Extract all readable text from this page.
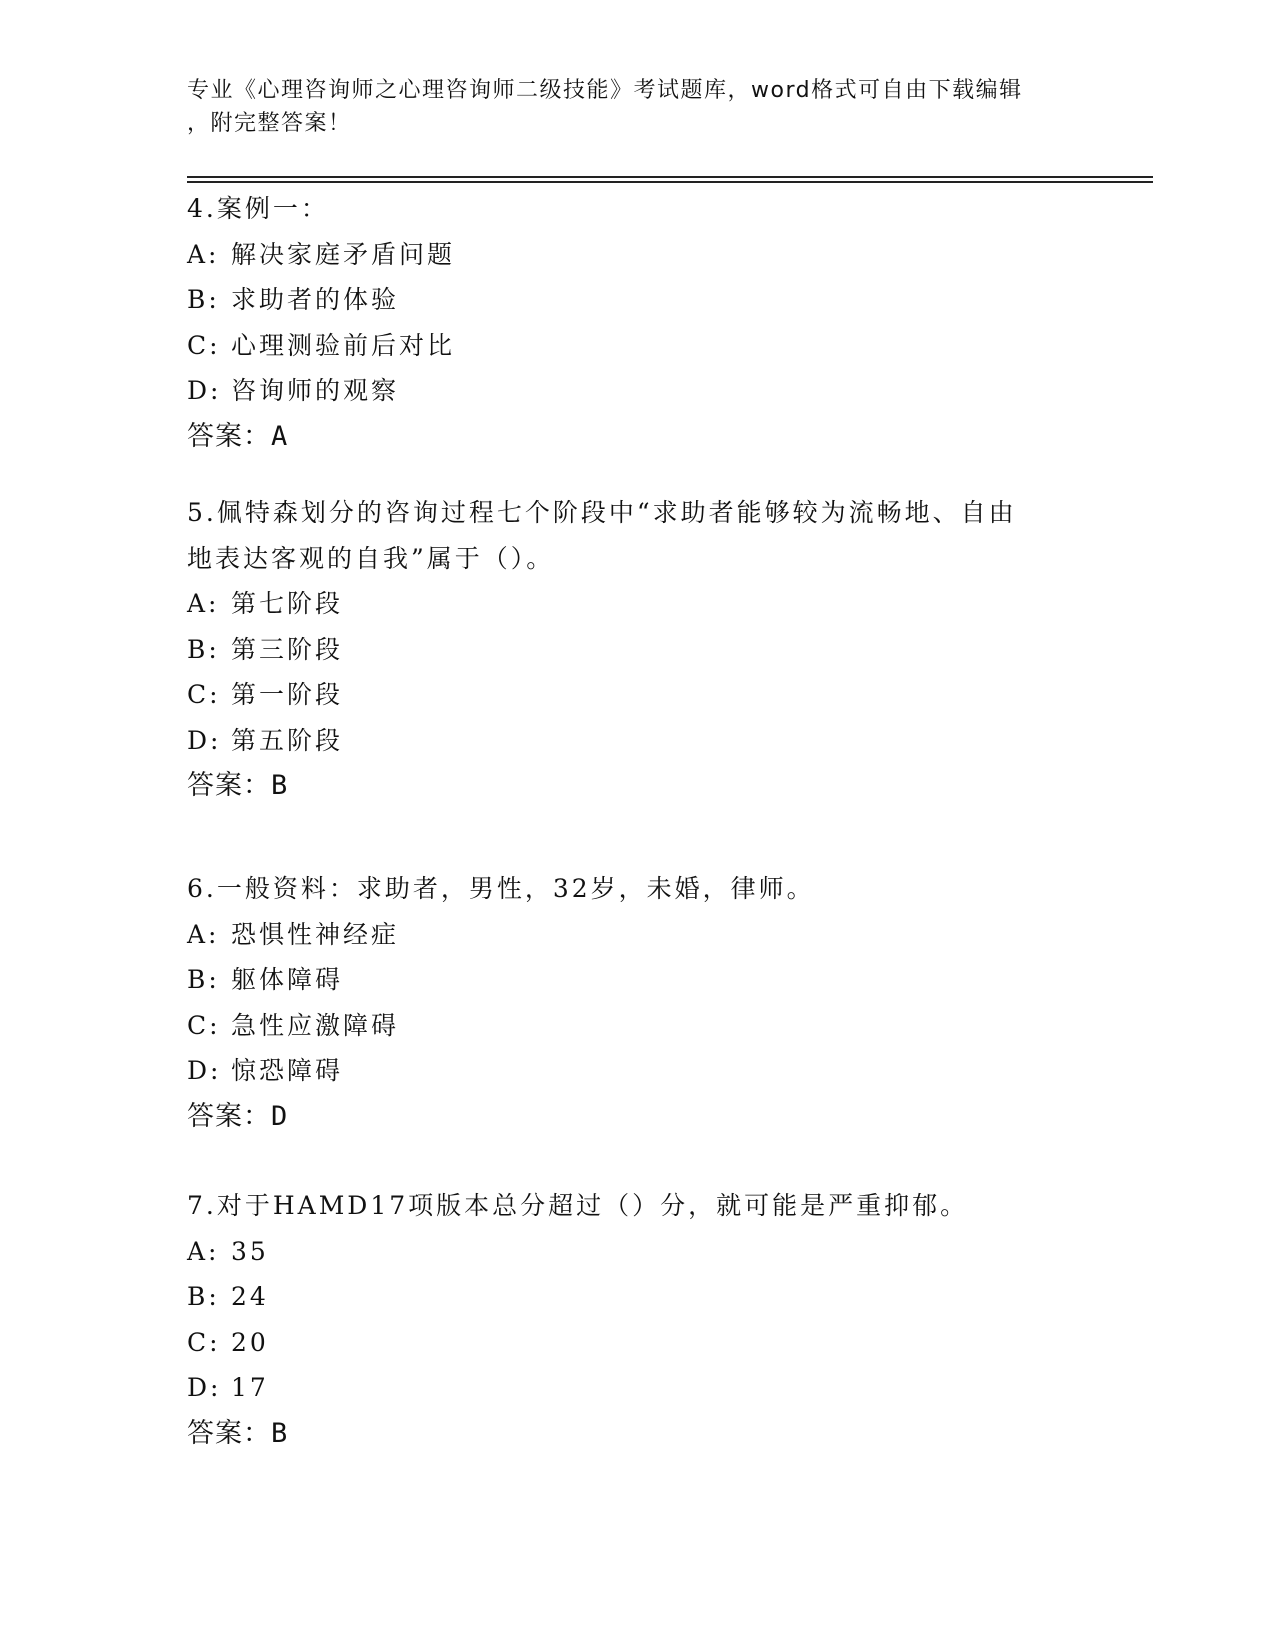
专业《心理咨询师之心理咨询师二级技能》考试题库，word格式可自由下载编辑
，附完整答案！
4.案例一：
A: 解决家庭矛盾问题
B: 求助者的体验
C: 心理测验前后对比
D: 咨询师的观察
答案：A
5.佩特森划分的咨询过程七个阶段中“求助者能够较为流畅地、自由
地表达客观的自我”属于（）。
A: 第七阶段
B: 第三阶段
C: 第一阶段
D: 第五阶段
答案：B
6.一般资料：求助者，男性，32岁，未婚，律师。
A: 恐惧性神经症
B: 躯体障碍
C: 急性应激障碍
D: 惊恐障碍
答案：D
7.对于HAMD17项版本总分超过（）分，就可能是严重抑郁。
A: 35
B: 24
C: 20
D: 17
答案：B
